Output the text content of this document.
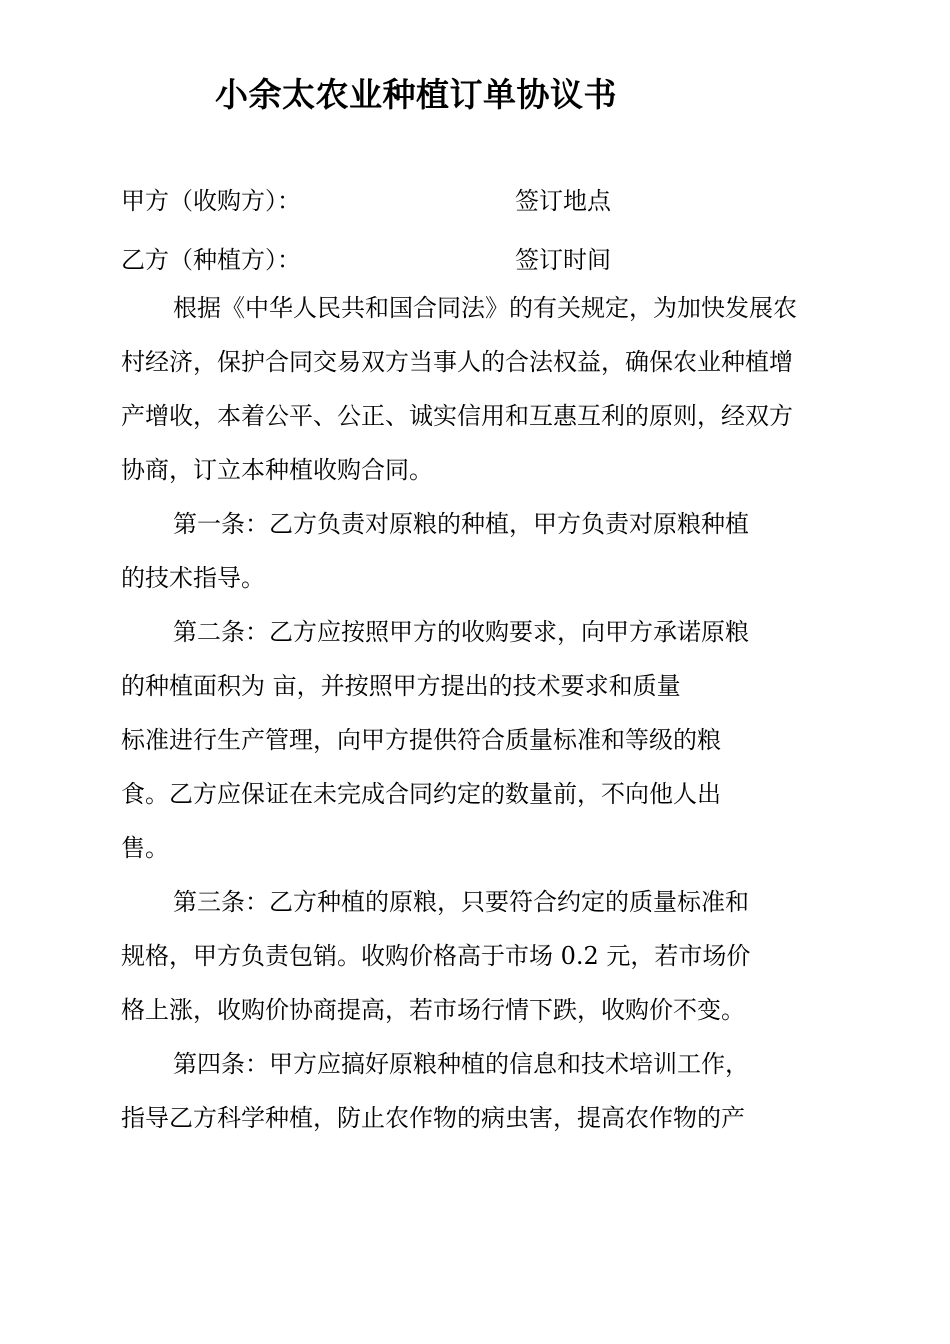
小余太农业种植订单协议书
甲方（收购方）：	签订地点
乙方（种植方）：	签订时间
根据《中华人民共和国合同法》的有关规定，为加快发展农
村经济，保护合同交易双方当事人的合法权益，确保农业种植增
产增收，本着公平、公正、诚实信用和互惠互利的原则，经双方
协商，订立本种植收购合同。
第一条：乙方负责对原粮的种植，甲方负责对原粮种植
的技术指导。
第二条：乙方应按照甲方的收购要求，向甲方承诺原粮
的种植面积为 亩，并按照甲方提出的技术要求和质量
标准进行生产管理，向甲方提供符合质量标准和等级的粮
食。乙方应保证在未完成合同约定的数量前，不向他人出
售。
第三条：乙方种植的原粮，只要符合约定的质量标准和
规格，甲方负责包销。收购价格高于市场 0.2 元，若市场价
格上涨，收购价协商提高，若市场行情下跌，收购价不变。
第四条：甲方应搞好原粮种植的信息和技术培训工作，
指导乙方科学种植，防止农作物的病虫害，提高农作物的产
